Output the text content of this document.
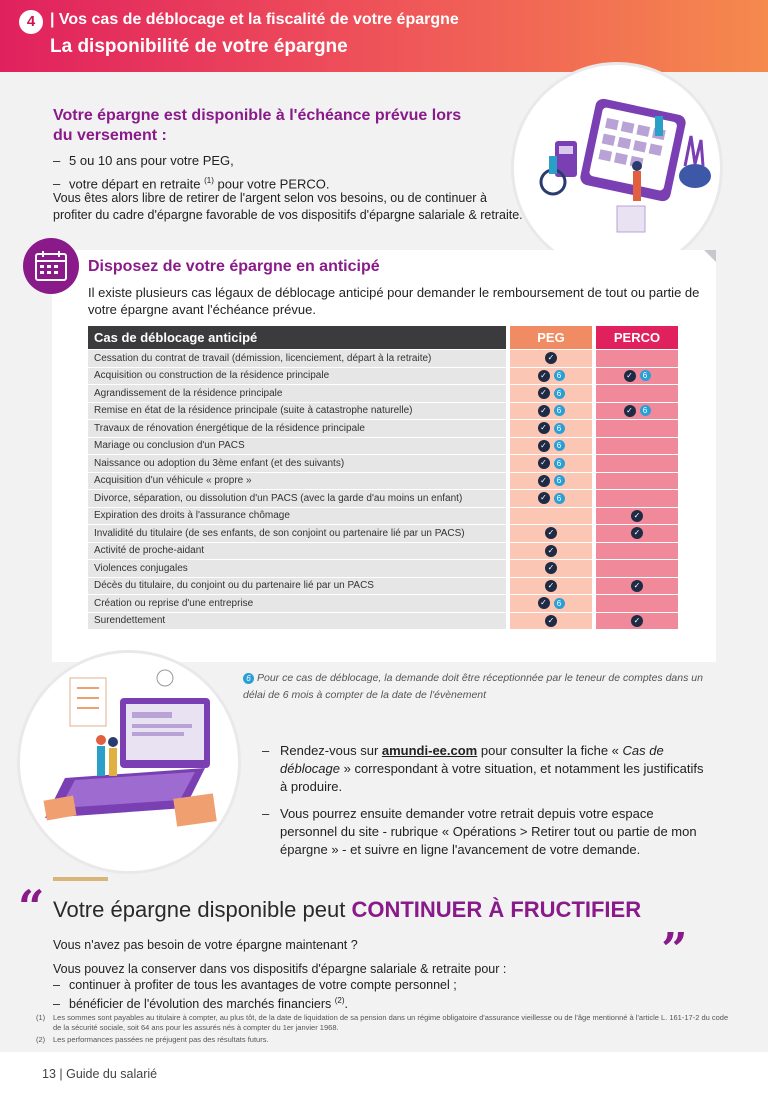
4 | Vos cas de déblocage et la fiscalité de votre épargne
La disponibilité de votre épargne
Votre épargne est disponible à l'échéance prévue lors du versement :
– 5 ou 10 ans pour votre PEG,
– votre départ en retraite $^{(1)}$ pour votre PERCO.
Vous êtes alors libre de retirer de l'argent selon vos besoins, ou de continuer à profiter du cadre d'épargne favorable de vos dispositifs d'épargne salariale & retraite.
Disposez de votre épargne en anticipé
Il existe plusieurs cas légaux de déblocage anticipé pour demander le remboursement de tout ou partie de votre épargne avant l'échéance prévue.
Cas de déblocage anticipé		PEG		PERCO
Cessation du contrat de travail (démission, licenciement, départ à la retraite)		✓		
Acquisition ou construction de la résidence principale		✓ 6		✓ 6
Agrandissement de la résidence principale		✓ 6		
Remise en état de la résidence principale (suite à catastrophe naturelle)		✓ 6		✓ 6
Travaux de rénovation énergétique de la résidence principale		✓ 6		
Mariage ou conclusion d'un PACS		✓ 6		
Naissance ou adoption du 3ème enfant (et des suivants)		✓ 6		
Acquisition d'un véhicule « propre »		✓ 6		
Divorce, séparation, ou dissolution d'un PACS (avec la garde d'au moins un enfant)		✓ 6		
Expiration des droits à l'assurance chômage				✓
Invalidité du titulaire (de ses enfants, de son conjoint ou partenaire lié par un PACS)		✓		✓
Activité de proche-aidant		✓		
Violences conjugales		✓		
Décès du titulaire, du conjoint ou du partenaire lié par un PACS		✓		✓
Création ou reprise d'une entreprise		✓ 6		
Surendettement		✓		✓
6 Pour ce cas de déblocage, la demande doit être réceptionnée par le teneur de comptes dans un délai de 6 mois à compter de la date de l'évènement
– Rendez-vous sur amundi-ee.com pour consulter la fiche « Cas de déblocage » correspondant à votre situation, et notamment les justificatifs à produire.
– Vous pourrez ensuite demander votre retrait depuis votre espace personnel du site - rubrique « Opérations > Retirer tout ou partie de mon épargne » - et suivre en ligne l'avancement de votre demande.
“ Votre épargne disponible peut CONTINUER À FRUCTIFIER „
Vous n'avez pas besoin de votre épargne maintenant ?
Vous pouvez la conserver dans vos dispositifs d'épargne salariale & retraite pour :
– continuer à profiter de tous les avantages de votre compte personnel ;
– bénéficier de l'évolution des marchés financiers $^{(2)}$.
(1) Les sommes sont payables au titulaire à compter, au plus tôt, de la date de liquidation de sa pension dans un régime obligatoire d'assurance vieillesse ou de l'âge mentionné à l'article L. 161-17-2 du code de la sécurité sociale, soit 64 ans pour les assurés nés à compter du 1er janvier 1968.
(2) Les performances passées ne préjugent pas des résultats futurs.
13 | Guide du salarié
